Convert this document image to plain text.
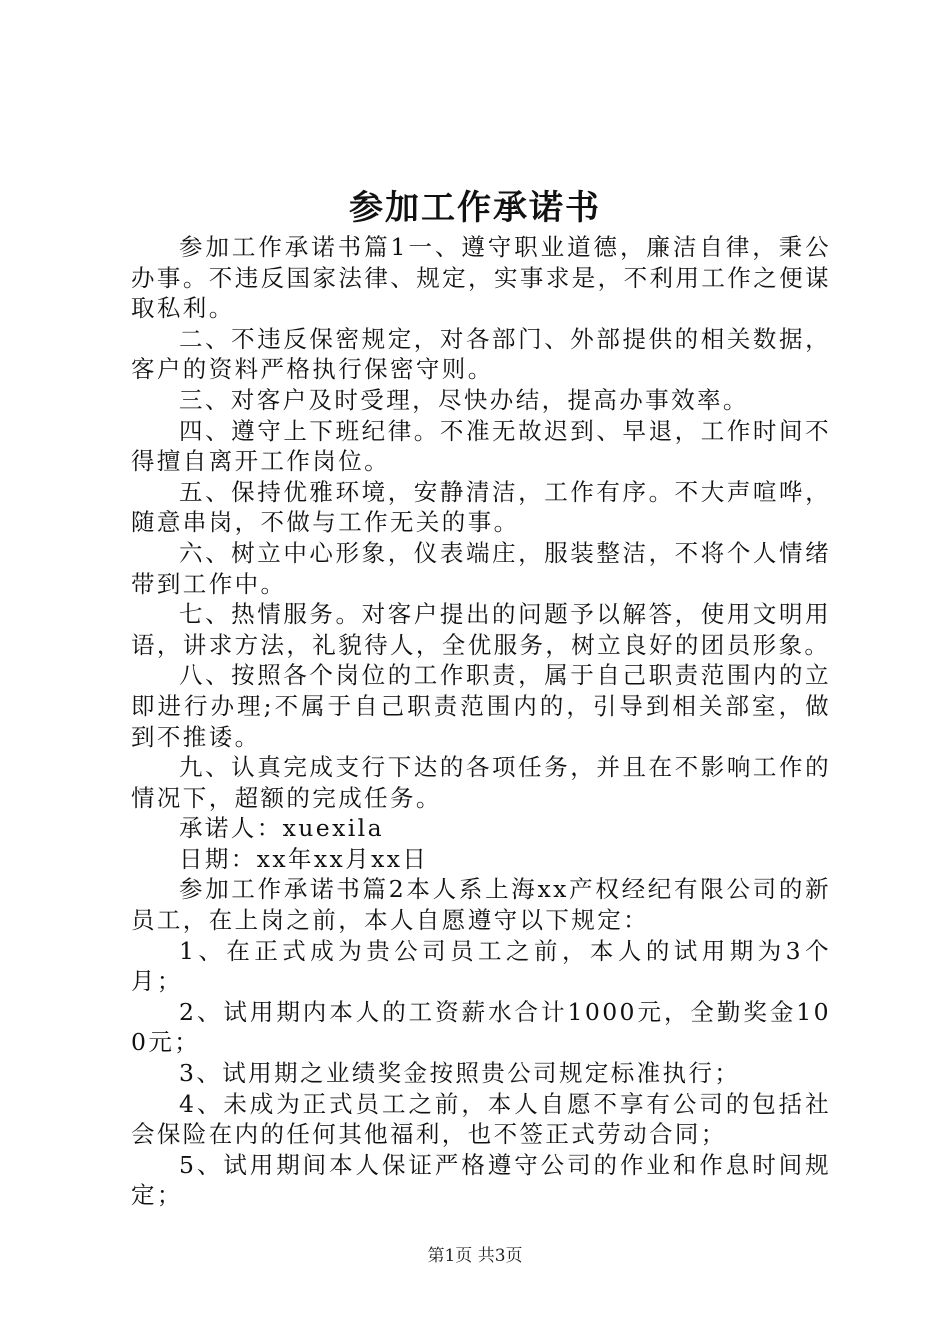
参加工作承诺书

参加工作承诺书篇1一、遵守职业道德，廉洁自律，秉公办事。不违反国家法律、规定，实事求是，不利用工作之便谋取私利。

二、不违反保密规定，对各部门、外部提供的相关数据，客户的资料严格执行保密守则。

三、对客户及时受理，尽快办结，提高办事效率。

四、遵守上下班纪律。不准无故迟到、早退，工作时间不得擅自离开工作岗位。

五、保持优雅环境，安静清洁，工作有序。不大声喧哗，随意串岗，不做与工作无关的事。

六、树立中心形象，仪表端庄，服装整洁，不将个人情绪带到工作中。

七、热情服务。对客户提出的问题予以解答，使用文明用语，讲求方法，礼貌待人，全优服务，树立良好的团员形象。

八、按照各个岗位的工作职责，属于自己职责范围内的立即进行办理;不属于自己职责范围内的，引导到相关部室，做到不推诿。

九、认真完成支行下达的各项任务，并且在不影响工作的情况下，超额的完成任务。

承诺人：xuexila

日期：xx年xx月xx日

参加工作承诺书篇2本人系上海xx产权经纪有限公司的新员工，在上岗之前，本人自愿遵守以下规定：

1、在正式成为贵公司员工之前，本人的试用期为3个月；

2、试用期内本人的工资薪水合计1000元，全勤奖金100元；

3、试用期之业绩奖金按照贵公司规定标准执行；

4、未成为正式员工之前，本人自愿不享有公司的包括社会保险在内的任何其他福利，也不签正式劳动合同；

5、试用期间本人保证严格遵守公司的作业和作息时间规定；

第1页 共3页
